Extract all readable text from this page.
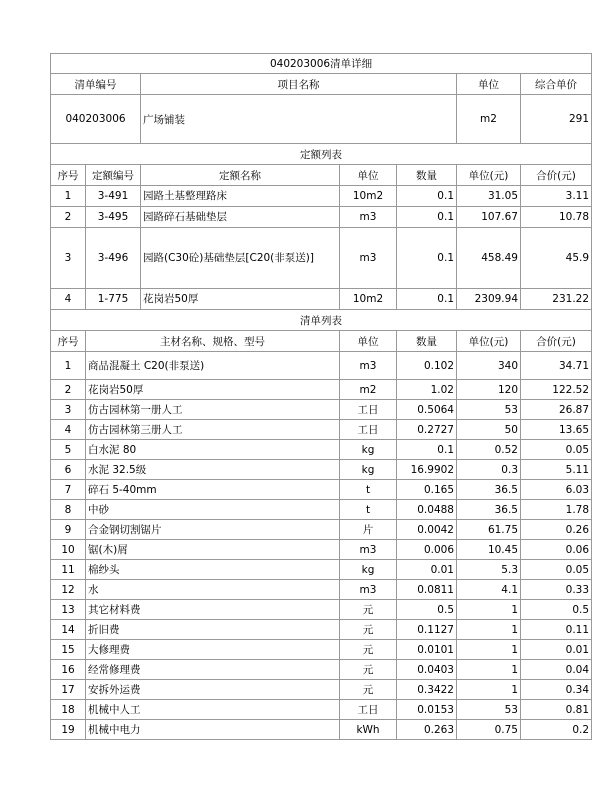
040203006清单详细						
清单编号		项目名称			单位	综合单价
040203006		广场铺装			m2	291
定额列表						
序号	定额编号	定额名称	单位	数量	单位(元)	合价(元)
1	3-491	园路土基整理路床	10m2	0.1	31.05	3.11
2	3-495	园路碎石基础垫层	m3	0.1	107.67	10.78
3	3-496	园路(C30砼)基础垫层[C20(非泵送)]	m3	0.1	458.49	45.9
4	1-775	花岗岩50厚	10m2	0.1	2309.94	231.22
清单列表						
序号	主材名称、规格、型号		单位	数量	单位(元)	合价(元)
1	商品混凝土 C20(非泵送)		m3	0.102	340	34.71
2	花岗岩50厚		m2	1.02	120	122.52
3	仿古园林第一册人工		工日	0.5064	53	26.87
4	仿古园林第三册人工		工日	0.2727	50	13.65
5	白水泥 80		kg	0.1	0.52	0.05
6	水泥 32.5级		kg	16.9902	0.3	5.11
7	碎石 5-40mm		t	0.165	36.5	6.03
8	中砂		t	0.0488	36.5	1.78
9	合金钢切割锯片		片	0.0042	61.75	0.26
10	锯(木)屑		m3	0.006	10.45	0.06
11	棉纱头		kg	0.01	5.3	0.05
12	水		m3	0.0811	4.1	0.33
13	其它材料费		元	0.5	1	0.5
14	折旧费		元	0.1127	1	0.11
15	大修理费		元	0.0101	1	0.01
16	经常修理费		元	0.0403	1	0.04
17	安拆外运费		元	0.3422	1	0.34
18	机械中人工		工日	0.0153	53	0.81
19	机械中电力		kWh	0.263	0.75	0.2
